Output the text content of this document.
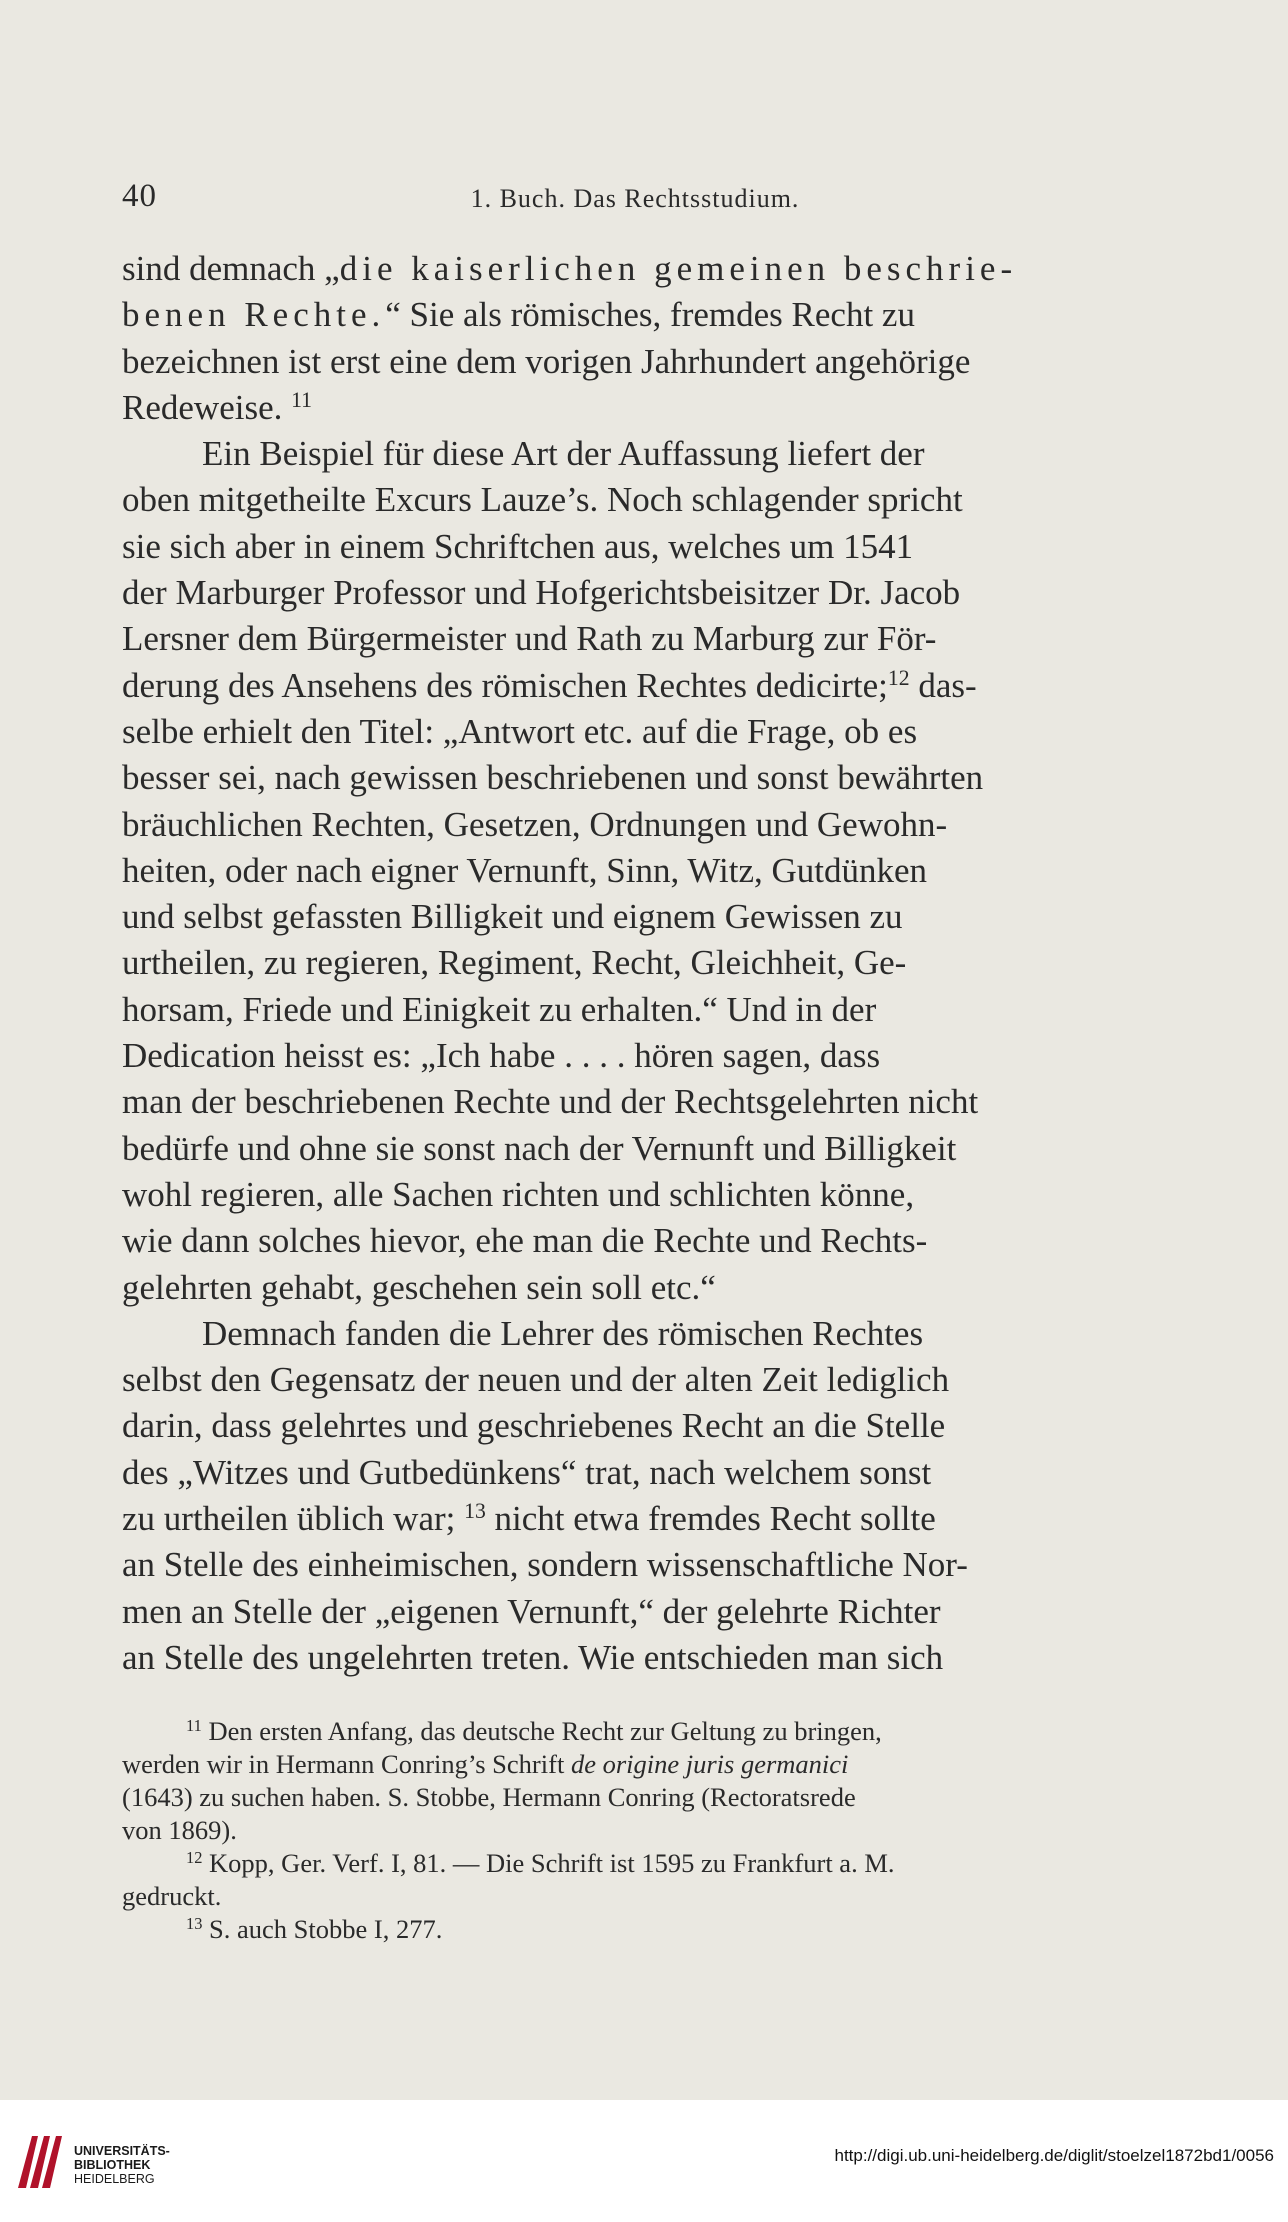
40	1. Buch. Das Rechtsstudium.

sind demnach „die kaiserlichen gemeinen beschrie-
benen Rechte.“ Sie als römisches, fremdes Recht zu
bezeichnen ist erst eine dem vorigen Jahrhundert angehörige
Redeweise. $^{11}$

Ein Beispiel für diese Art der Auffassung liefert der
oben mitgetheilte Excurs Lauze’s. Noch schlagender spricht
sie sich aber in einem Schriftchen aus, welches um 1541
der Marburger Professor und Hofgerichtsbeisitzer Dr. Jacob
Lersner dem Bürgermeister und Rath zu Marburg zur För-
derung des Ansehens des römischen Rechtes dedicirte;$^{12}$ das-
selbe erhielt den Titel: „Antwort etc. auf die Frage, ob es
besser sei, nach gewissen beschriebenen und sonst bewährten
bräuchlichen Rechten, Gesetzen, Ordnungen und Gewohn-
heiten, oder nach eigner Vernunft, Sinn, Witz, Gutdünken
und selbst gefassten Billigkeit und eignem Gewissen zu
urtheilen, zu regieren, Regiment, Recht, Gleichheit, Ge-
horsam, Friede und Einigkeit zu erhalten.“ Und in der
Dedication heisst es: „Ich habe . . . . hören sagen, dass
man der beschriebenen Rechte und der Rechtsgelehrten nicht
bedürfe und ohne sie sonst nach der Vernunft und Billigkeit
wohl regieren, alle Sachen richten und schlichten könne,
wie dann solches hievor, ehe man die Rechte und Rechts-
gelehrten gehabt, geschehen sein soll etc.“

Demnach fanden die Lehrer des römischen Rechtes
selbst den Gegensatz der neuen und der alten Zeit lediglich
darin, dass gelehrtes und geschriebenes Recht an die Stelle
des „Witzes und Gutbedünkens“ trat, nach welchem sonst
zu urtheilen üblich war; $^{13}$ nicht etwa fremdes Recht sollte
an Stelle des einheimischen, sondern wissenschaftliche Nor-
men an Stelle der „eigenen Vernunft,“ der gelehrte Richter
an Stelle des ungelehrten treten. Wie entschieden man sich

$^{11}$ Den ersten Anfang, das deutsche Recht zur Geltung zu bringen,
werden wir in Hermann Conring’s Schrift de origine juris germanici
(1643) zu suchen haben. S. Stobbe, Hermann Conring (Rectoratsrede
von 1869).

$^{12}$ Kopp, Ger. Verf. I, 81. — Die Schrift ist 1595 zu Frankfurt a. M.
gedruckt.

$^{13}$ S. auch Stobbe I, 277.

UNIVERSITÄTS-
BIBLIOTHEK
HEIDELBERG
http://digi.ub.uni-heidelberg.de/diglit/stoelzel1872bd1/0056
